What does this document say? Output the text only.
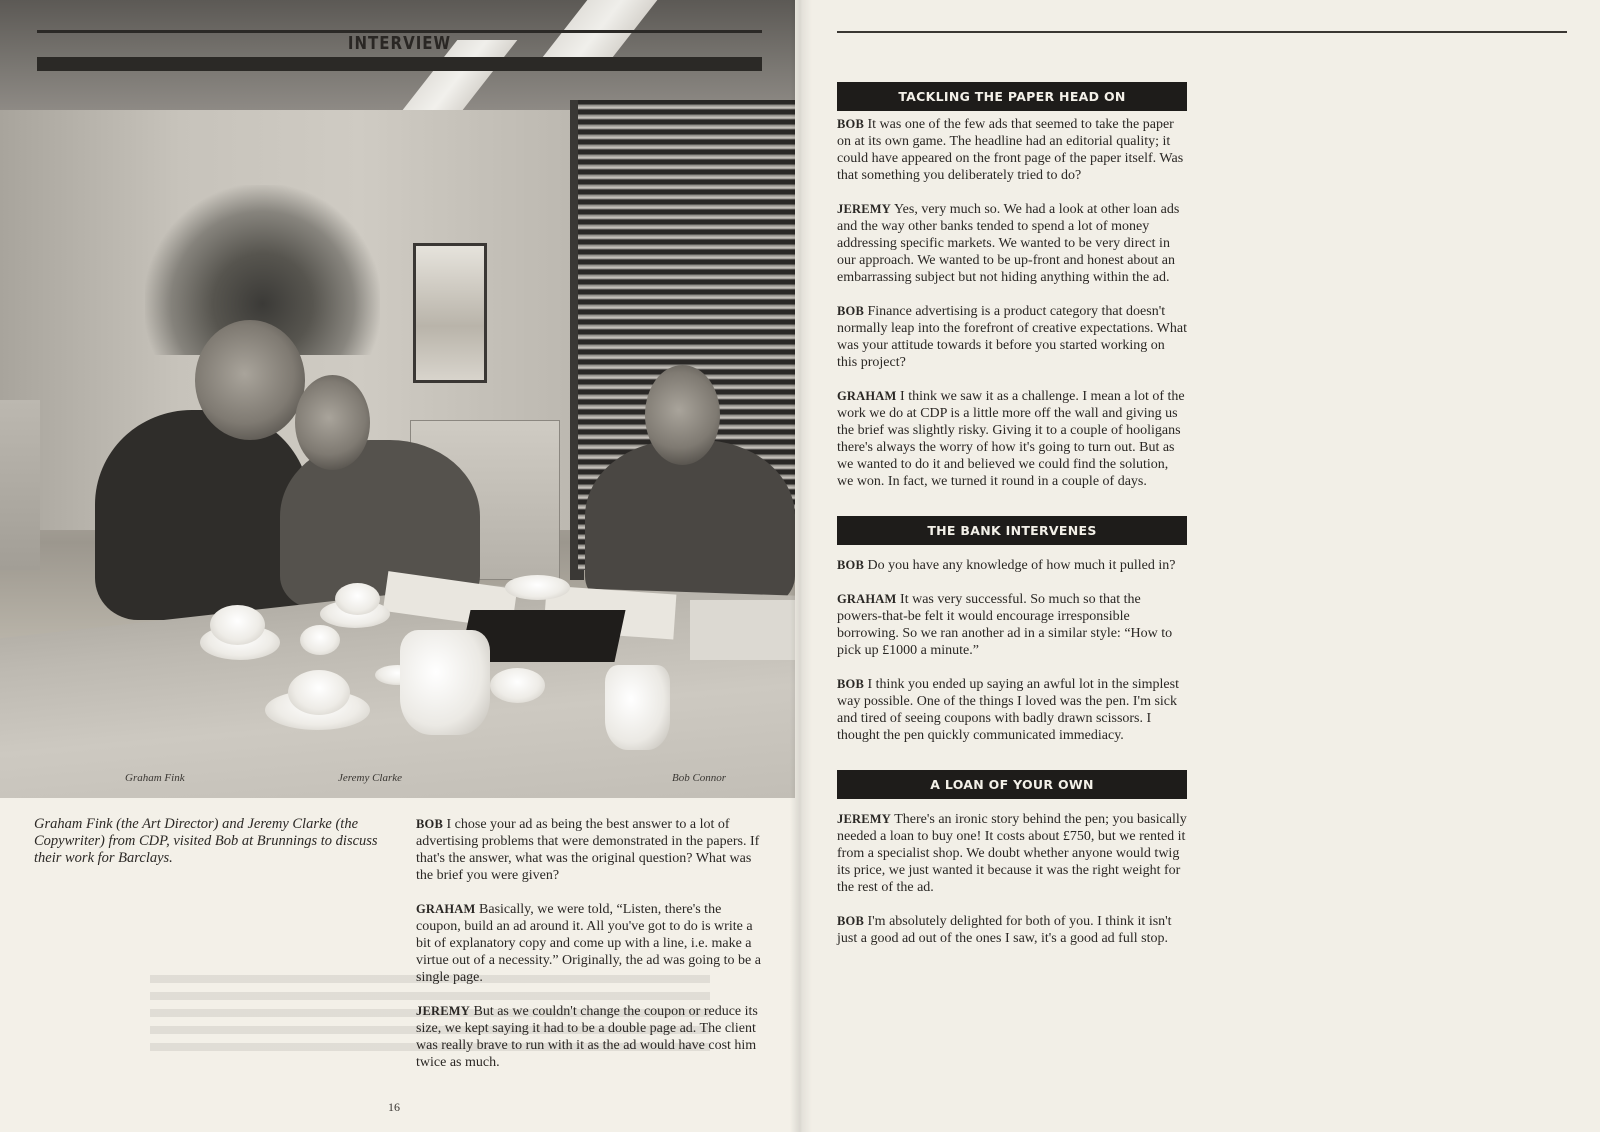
Graham Fink	Jeremy Clarke	Bob Connor
INTERVIEW

Graham Fink (the Art Director) and Jeremy Clarke (the Copywriter) from CDP, visited Bob at Brunnings to discuss their work for Barclays.

BOB I chose your ad as being the best answer to a lot of advertising problems that were demonstrated in the papers. If that's the answer, what was the original question? What was the brief you were given?

GRAHAM Basically, we were told, “Listen, there's the coupon, build an ad around it. All you've got to do is write a bit of explanatory copy and come up with a line, i.e. make a virtue out of a necessity.” Originally, the ad was going to be a single page.

JEREMY But as we couldn't change the coupon or reduce its size, we kept saying it had to be a double page ad. The client was really brave to run with it as the ad would have cost him twice as much.

16
TACKLING THE PAPER HEAD ON

BOB It was one of the few ads that seemed to take the paper on at its own game. The headline had an editorial quality; it could have appeared on the front page of the paper itself. Was that something you deliberately tried to do?

JEREMY Yes, very much so. We had a look at other loan ads and the way other banks tended to spend a lot of money addressing specific markets. We wanted to be very direct in our approach. We wanted to be up-front and honest about an embarrassing subject but not hiding anything within the ad.

BOB Finance advertising is a product category that doesn't normally leap into the forefront of creative expectations. What was your attitude towards it before you started working on this project?

GRAHAM I think we saw it as a challenge. I mean a lot of the work we do at CDP is a little more off the wall and giving us the brief was slightly risky. Giving it to a couple of hooligans there's always the worry of how it's going to turn out. But as we wanted to do it and believed we could find the solution, we won. In fact, we turned it round in a couple of days.

THE BANK INTERVENES

BOB Do you have any knowledge of how much it pulled in?

GRAHAM It was very successful. So much so that the powers-that-be felt it would encourage irresponsible borrowing. So we ran another ad in a similar style: “How to pick up £1000 a minute.”

BOB I think you ended up saying an awful lot in the simplest way possible. One of the things I loved was the pen. I'm sick and tired of seeing coupons with badly drawn scissors. I thought the pen quickly communicated immediacy.

A LOAN OF YOUR OWN

JEREMY There's an ironic story behind the pen; you basically needed a loan to buy one! It costs about £750, but we rented it from a specialist shop. We doubt whether anyone would twig its price, we just wanted it because it was the right weight for the rest of the ad.

BOB I'm absolutely delighted for both of you. I think it isn't just a good ad out of the ones I saw, it's a good ad full stop.
